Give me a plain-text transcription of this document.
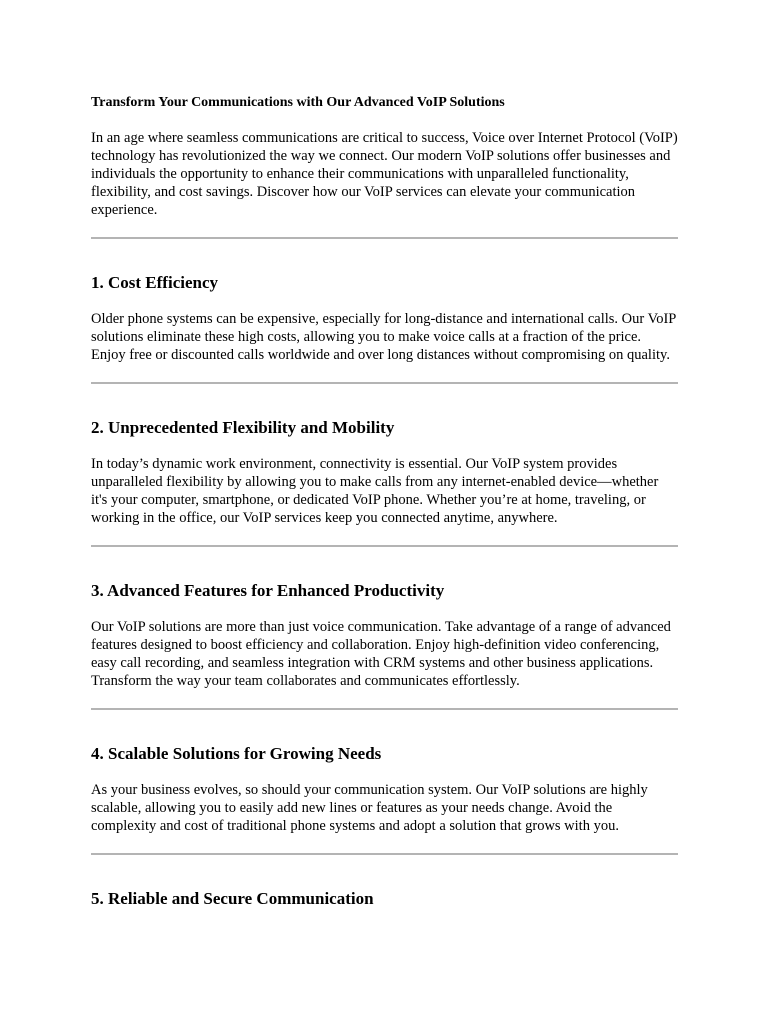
Transform Your Communications with Our Advanced VoIP Solutions

In an age where seamless communications are critical to success, Voice over Internet Protocol (VoIP) technology has revolutionized the way we connect. Our modern VoIP solutions offer businesses and individuals the opportunity to enhance their communications with unparalleled functionality, flexibility, and cost savings. Discover how our VoIP services can elevate your communication experience.

1. Cost Efficiency

Older phone systems can be expensive, especially for long-distance and international calls. Our VoIP solutions eliminate these high costs, allowing you to make voice calls at a fraction of the price. Enjoy free or discounted calls worldwide and over long distances without compromising on quality.

2. Unprecedented Flexibility and Mobility

In today’s dynamic work environment, connectivity is essential. Our VoIP system provides unparalleled flexibility by allowing you to make calls from any internet-enabled device—whether it's your computer, smartphone, or dedicated VoIP phone. Whether you’re at home, traveling, or working in the office, our VoIP services keep you connected anytime, anywhere.

3. Advanced Features for Enhanced Productivity

Our VoIP solutions are more than just voice communication. Take advantage of a range of advanced features designed to boost efficiency and collaboration. Enjoy high-definition video conferencing, easy call recording, and seamless integration with CRM systems and other business applications. Transform the way your team collaborates and communicates effortlessly.

4. Scalable Solutions for Growing Needs

As your business evolves, so should your communication system. Our VoIP solutions are highly scalable, allowing you to easily add new lines or features as your needs change. Avoid the complexity and cost of traditional phone systems and adopt a solution that grows with you.

5. Reliable and Secure Communication
